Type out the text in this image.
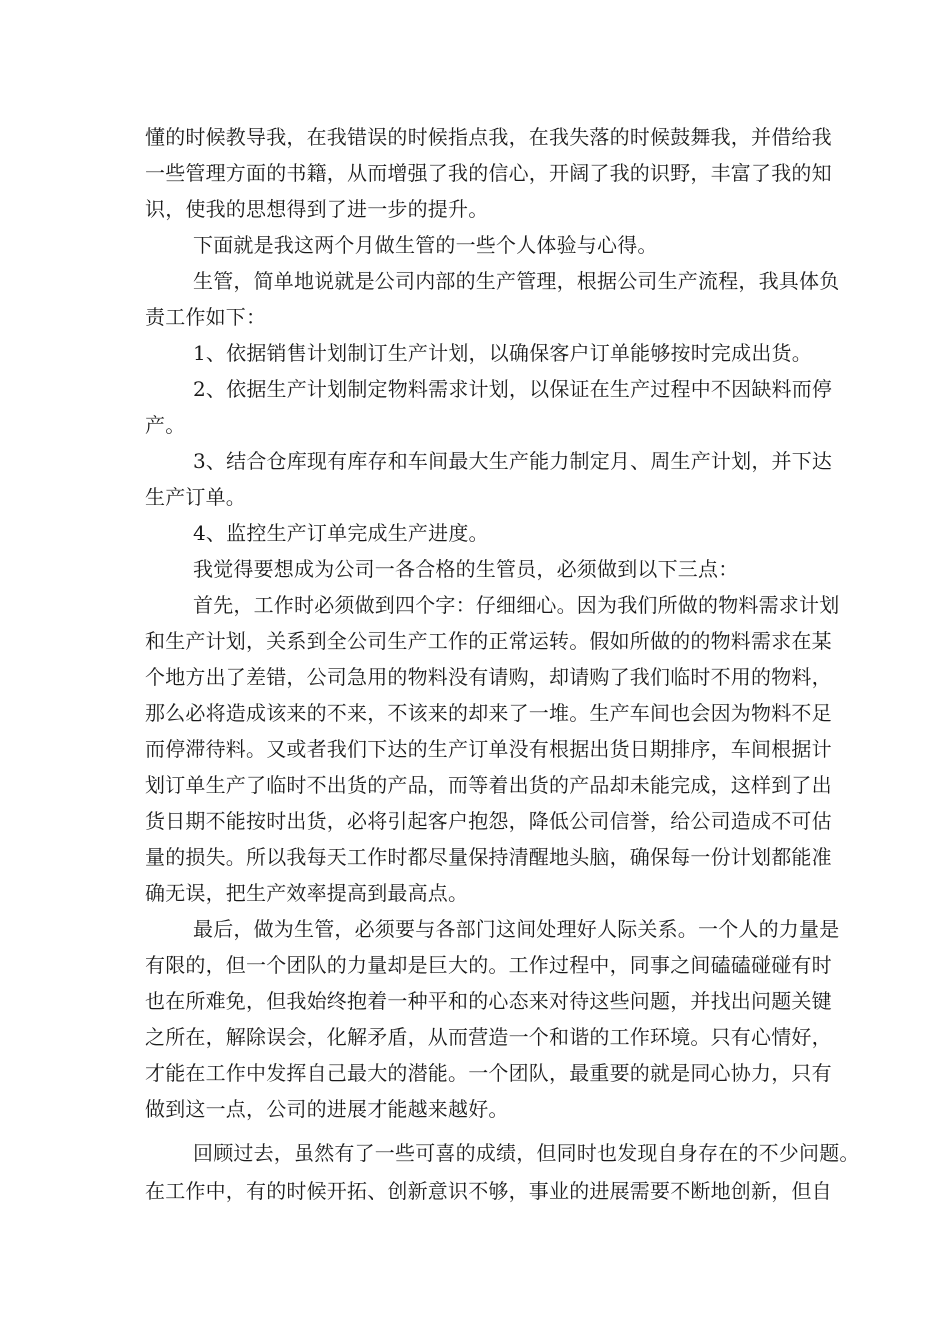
懂的时候教导我，在我错误的时候指点我，在我失落的时候鼓舞我，并借给我
一些管理方面的书籍，从而增强了我的信心，开阔了我的识野，丰富了我的知
识，使我的思想得到了进一步的提升。
下面就是我这两个月做生管的一些个人体验与心得。
生管，简单地说就是公司内部的生产管理，根据公司生产流程，我具体负
责工作如下：
1、依据销售计划制订生产计划，以确保客户订单能够按时完成出货。
2、依据生产计划制定物料需求计划，以保证在生产过程中不因缺料而停
产。
3、结合仓库现有库存和车间最大生产能力制定月、周生产计划，并下达
生产订单。
4、监控生产订单完成生产进度。
我觉得要想成为公司一各合格的生管员，必须做到以下三点：
首先，工作时必须做到四个字：仔细细心。因为我们所做的物料需求计划
和生产计划，关系到全公司生产工作的正常运转。假如所做的的物料需求在某
个地方出了差错，公司急用的物料没有请购，却请购了我们临时不用的物料，
那么必将造成该来的不来，不该来的却来了一堆。生产车间也会因为物料不足
而停滞待料。又或者我们下达的生产订单没有根据出货日期排序，车间根据计
划订单生产了临时不出货的产品，而等着出货的产品却未能完成，这样到了出
货日期不能按时出货，必将引起客户抱怨，降低公司信誉，给公司造成不可估
量的损失。所以我每天工作时都尽量保持清醒地头脑，确保每一份计划都能准
确无误，把生产效率提高到最高点。
最后，做为生管，必须要与各部门这间处理好人际关系。一个人的力量是
有限的，但一个团队的力量却是巨大的。工作过程中，同事之间磕磕碰碰有时
也在所难免，但我始终抱着一种平和的心态来对待这些问题，并找出问题关键
之所在，解除误会，化解矛盾，从而营造一个和谐的工作环境。只有心情好，
才能在工作中发挥自己最大的潜能。一个团队，最重要的就是同心协力，只有
做到这一点，公司的进展才能越来越好。
回顾过去，虽然有了一些可喜的成绩，但同时也发现自身存在的不少问题。
在工作中，有的时候开拓、创新意识不够，事业的进展需要不断地创新，但自
